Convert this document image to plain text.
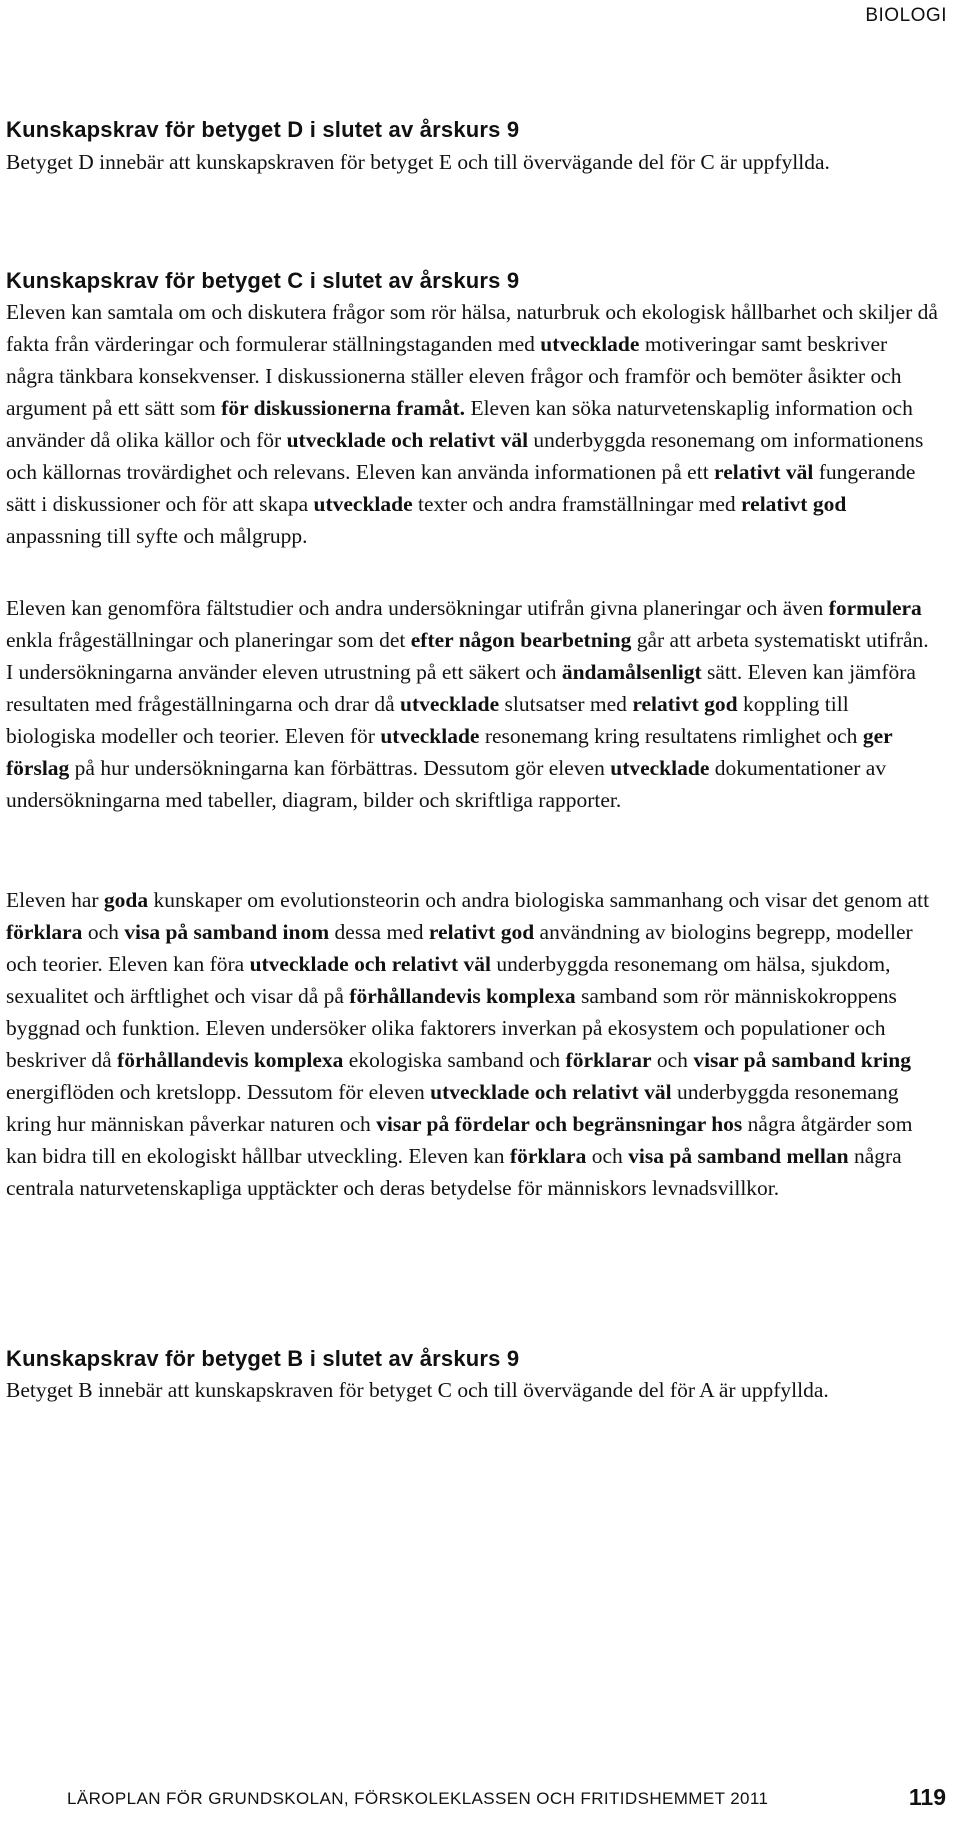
BIOLOGI
Kunskapskrav för betyget D i slutet av årskurs 9

Betyget D innebär att kunskapskraven för betyget E och till övervägande del för C är uppfyllda.

Kunskapskrav för betyget C i slutet av årskurs 9

Eleven kan samtala om och diskutera frågor som rör hälsa, naturbruk och ekologisk hållbarhet och skiljer då fakta från värderingar och formulerar ställningstaganden med utvecklade motiveringar samt beskriver några tänkbara konsekvenser. I diskussionerna ställer eleven frågor och framför och bemöter åsikter och argument på ett sätt som för diskussionerna framåt. Eleven kan söka naturvetenskaplig information och använder då olika källor och för utvecklade och relativt väl underbyggda resonemang om informationens och källornas trovärdighet och relevans. Eleven kan använda informationen på ett relativt väl fungerande sätt i diskussioner och för att skapa utvecklade texter och andra framställningar med relativt god anpassning till syfte och målgrupp.

Eleven kan genomföra fältstudier och andra undersökningar utifrån givna planeringar och även formulera enkla frågeställningar och planeringar som det efter någon bearbetning går att arbeta systematiskt utifrån. I undersökningarna använder eleven utrustning på ett säkert och ändamålsenligt sätt. Eleven kan jämföra resultaten med frågeställningarna och drar då utvecklade slutsatser med relativt god koppling till biologiska modeller och teorier. Eleven för utvecklade resonemang kring resultatens rimlighet och ger förslag på hur undersökningarna kan förbättras. Dessutom gör eleven utvecklade dokumentationer av undersökningarna med tabeller, diagram, bilder och skriftliga rapporter.

Eleven har goda kunskaper om evolutionsteorin och andra biologiska sammanhang och visar det genom att förklara och visa på samband inom dessa med relativt god användning av biologins begrepp, modeller och teorier. Eleven kan föra utvecklade och relativt väl underbyggda resonemang om hälsa, sjukdom, sexualitet och ärftlighet och visar då på förhållandevis komplexa samband som rör människokroppens byggnad och funktion. Eleven undersöker olika faktorers inverkan på ekosystem och populationer och beskriver då förhållandevis komplexa ekologiska samband och förklarar och visar på samband kring energiflöden och kretslopp. Dessutom för eleven utvecklade och relativt väl underbyggda resonemang kring hur människan påverkar naturen och visar på fördelar och begränsningar hos några åtgärder som kan bidra till en ekologiskt hållbar utveckling. Eleven kan förklara och visa på samband mellan några centrala naturvetenskapliga upptäckter och deras betydelse för människors levnadsvillkor.

Kunskapskrav för betyget B i slutet av årskurs 9

Betyget B innebär att kunskapskraven för betyget C och till övervägande del för A är uppfyllda.

LÄROPLAN FÖR GRUNDSKOLAN, FÖRSKOLEKLASSEN OCH FRITIDSHEMMET 2011	119
